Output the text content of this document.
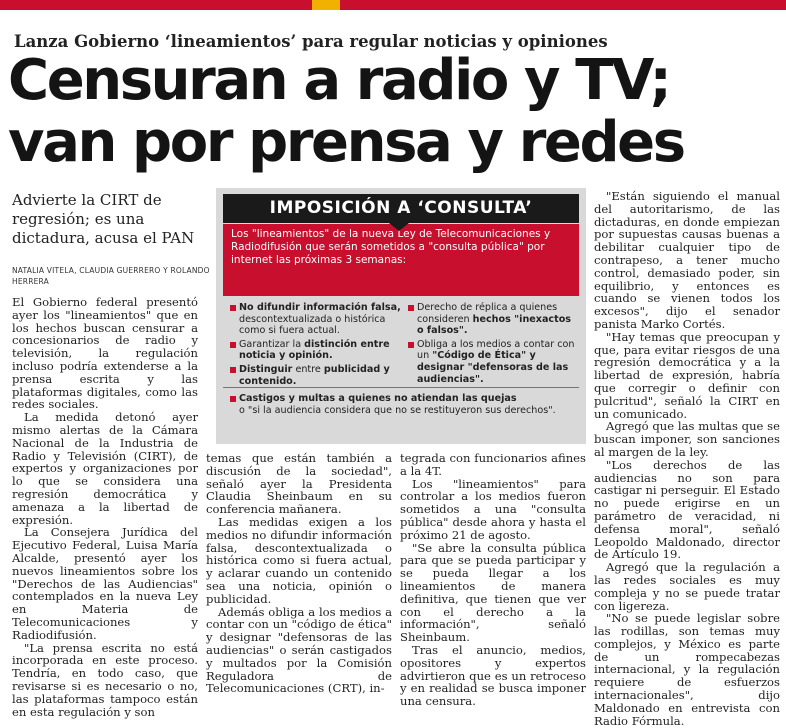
Lanza Gobierno ‘lineamientos’ para regular noticias y opiniones
Censuran a radio y TV;
van por prensa y redes
Advierte la CIRT de regresión; es una dictadura, acusa el PAN
NATALIA VITELA, CLAUDIA GUERRERO Y ROLANDO HERRERA

El Gobierno federal presentó ayer los "lineamientos" que en los hechos buscan censurar a concesionarios de radio y televisión, la regulación incluso podría extenderse a la prensa escrita y las plataformas digitales, como las redes sociales.

La medida detonó ayer mismo alertas de la Cámara Nacional de la Industria de Radio y Televisión (CIRT), de expertos y organizaciones por lo que se considera una regresión democrática y amenaza a la libertad de expresión.

La Consejera Jurídica del Ejecutivo Federal, Luisa María Alcalde, presentó ayer los nuevos lineamientos sobre los "Derechos de las Audiencias" contemplados en la nueva Ley en Materia de Telecomunicaciones y Radiodifusión.

"La prensa escrita no está incorporada en este proceso. Tendría, en todo caso, que revisarse si es necesario o no, las plataformas tampoco están en esta regulación y son

IMPOSICIÓN A ‘CONSULTA’
Los "lineamientos" de la nueva Ley de Telecomunicaciones y Radiodifusión que serán sometidos a "consulta pública" por internet las próximas 3 semanas:
No difundir información falsa, descontextualizada o histórica como si fuera actual.
Garantizar la distinción entre noticia y opinión.
Distinguir entre publicidad y contenido.
Derecho de réplica a quienes consideren hechos "inexactos o falsos".
Obliga a los medios a contar con un "Código de Ética" y designar "defensoras de las audiencias".
Castigos y multas a quienes no atiendan las quejas
o "si la audiencia considera que no se restituyeron sus derechos".

temas que están también a discusión de la sociedad", señaló ayer la Presidenta Claudia Sheinbaum en su conferencia mañanera.

Las medidas exigen a los medios no difundir información falsa, descontextualizada o histórica como si fuera actual, y aclarar cuando un contenido sea una noticia, opinión o publicidad.

Además obliga a los medios a contar con un "código de ética" y designar "defensoras de las audiencias" o serán castigados y multados por la Comisión Reguladora de Telecomunicaciones (CRT), in-

tegrada con funcionarios afines a la 4T.

Los "lineamientos" para controlar a los medios fueron sometidos a una "consulta pública" desde ahora y hasta el próximo 21 de agosto.

"Se abre la consulta pública para que se pueda participar y se pueda llegar a los lineamientos de manera definitiva, que tienen que ver con el derecho a la información", señaló Sheinbaum.

Tras el anuncio, medios, opositores y expertos advirtieron que es un retroceso y en realidad se busca imponer una censura.

"Están siguiendo el manual del autoritarismo, de las dictaduras, en donde empiezan por supuestas causas buenas a debilitar cualquier tipo de contrapeso, a tener mucho control, demasiado poder, sin equilibrio, y entonces es cuando se vienen todos los excesos", dijo el senador panista Marko Cortés.

"Hay temas que preocupan y que, para evitar riesgos de una regresión democrática y a la libertad de expresión, habría que corregir o definir con pulcritud", señaló la CIRT en un comunicado.

Agregó que las multas que se buscan imponer, son sanciones al margen de la ley.

"Los derechos de las audiencias no son para castigar ni perseguir. El Estado no puede erigirse en un parámetro de veracidad, ni defensa moral", señaló Leopoldo Maldonado, director de Artículo 19.

Agregó que la regulación a las redes sociales es muy compleja y no se puede tratar con ligereza.

"No se puede legislar sobre las rodillas, son temas muy complejos, y México es parte de un rompecabezas internacional, y la regulación requiere de esfuerzos internacionales", dijo Maldonado en entrevista con Radio Fórmula.
